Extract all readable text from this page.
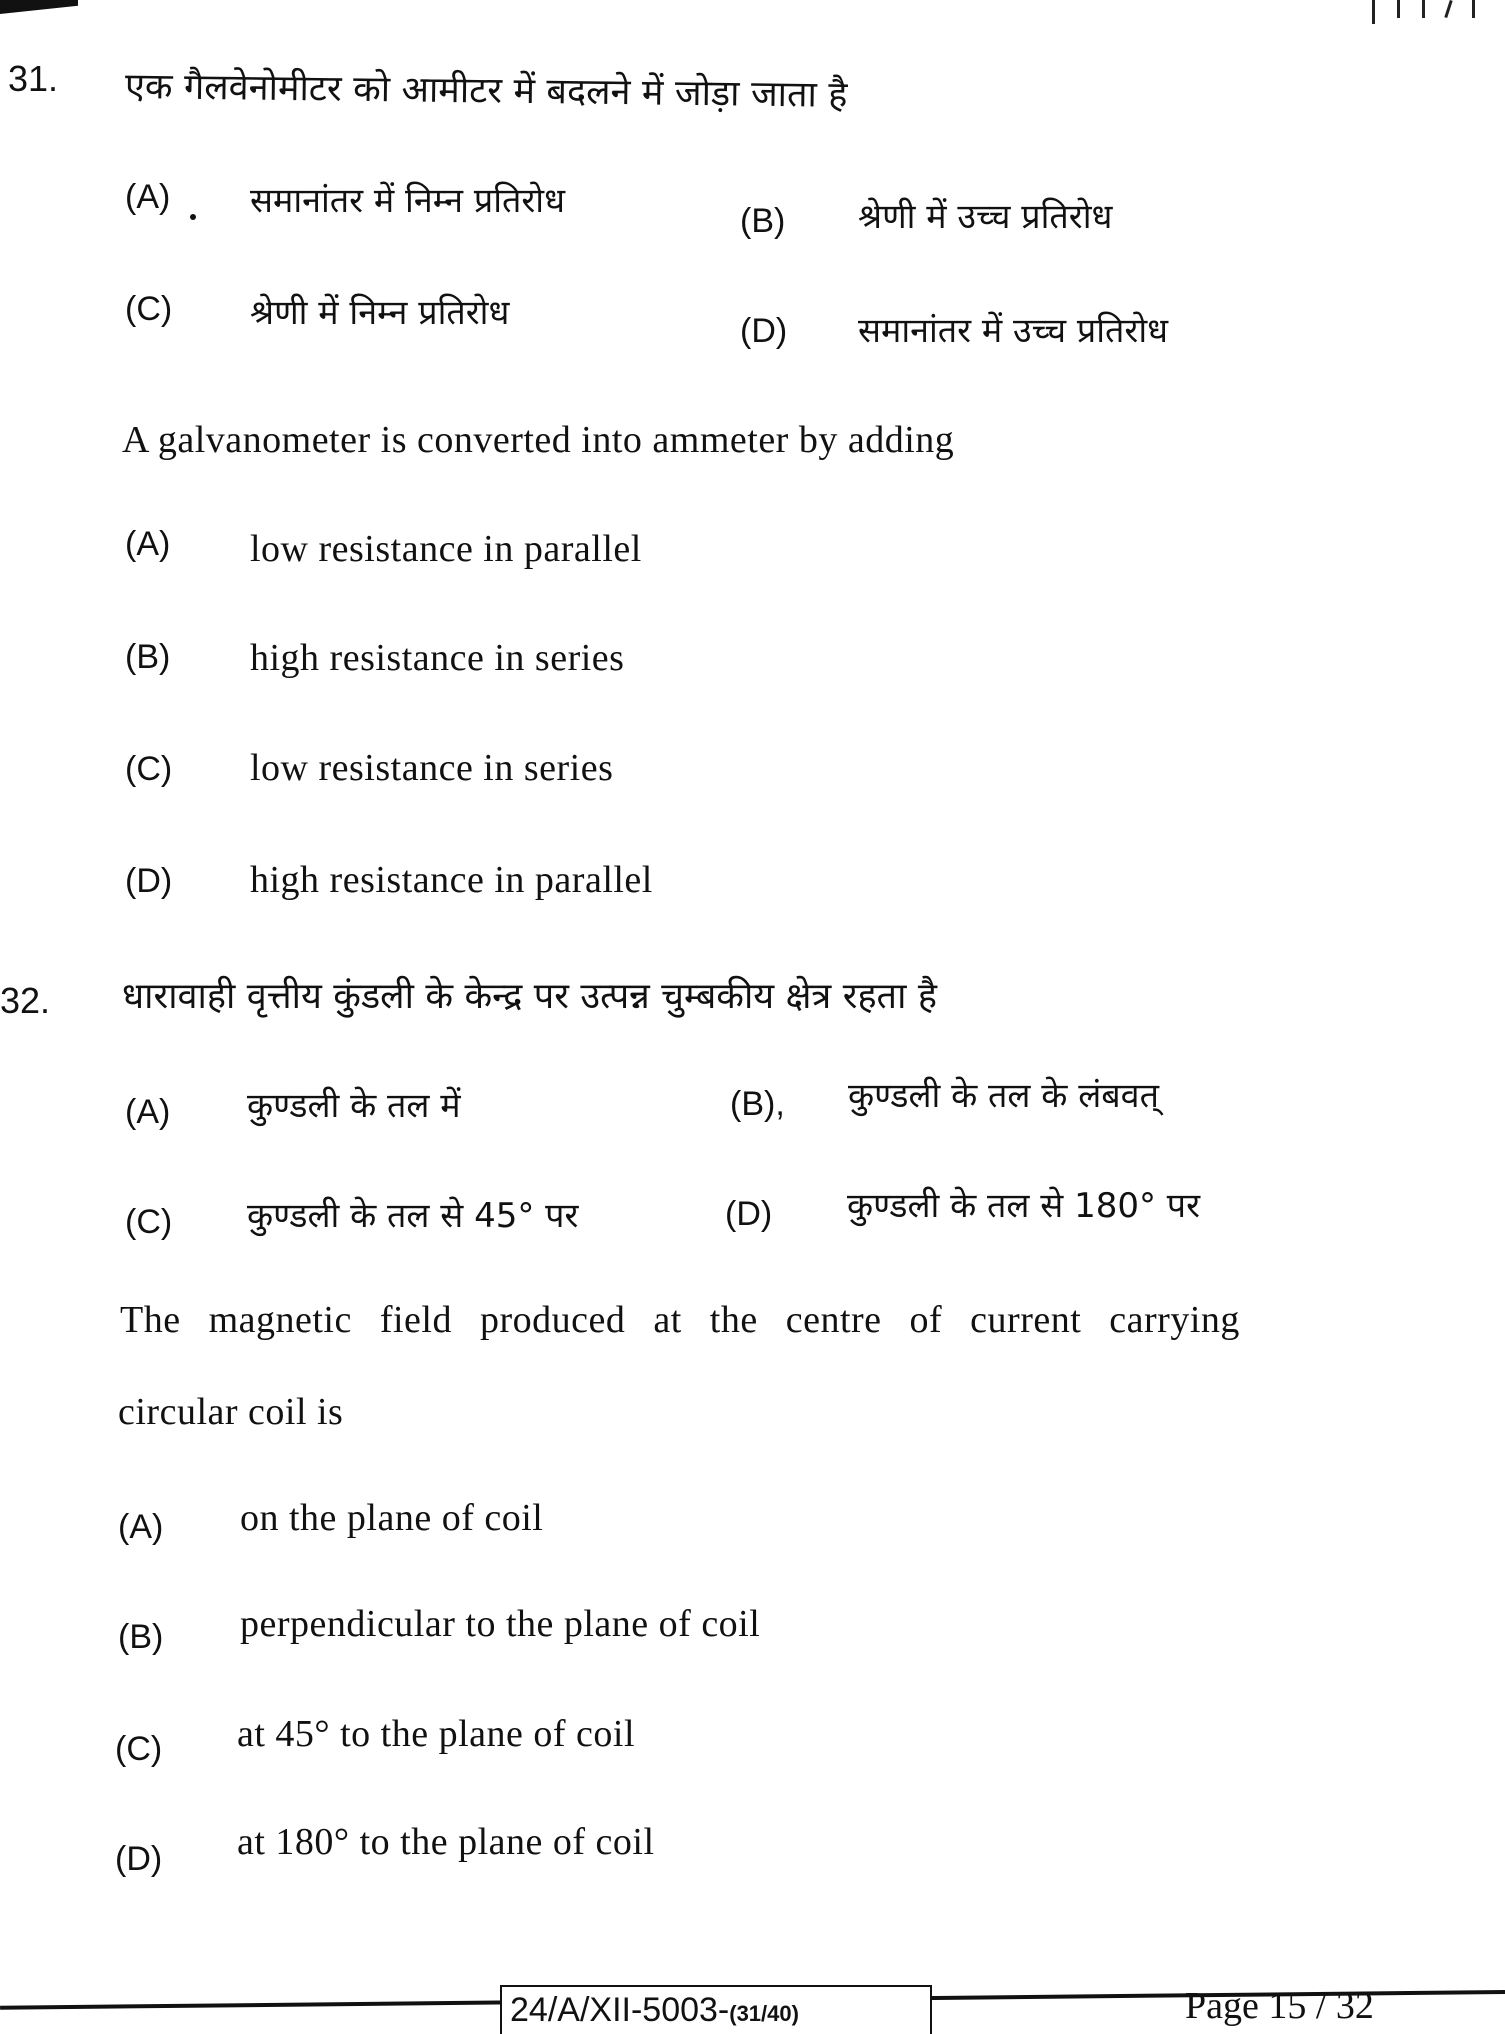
31. एक गैलवेनोमीटर को आमीटर में बदलने में जोड़ा जाता है
(A) समानांतर में निम्न प्रतिरोध	(B) श्रेणी में उच्च प्रतिरोध
(C) श्रेणी में निम्न प्रतिरोध	(D) समानांतर में उच्च प्रतिरोध
A galvanometer is converted into ammeter by adding
(A) low resistance in parallel
(B) high resistance in series
(C) low resistance in series
(D) high resistance in parallel
32. धारावाही वृत्तीय कुंडली के केन्द्र पर उत्पन्न चुम्बकीय क्षेत्र रहता है
(A) कुण्डली के तल में	(B), कुण्डली के तल के लंबवत्
(C) कुण्डली के तल से 45° पर	(D) कुण्डली के तल से 180° पर
The magnetic field produced at the centre of current carrying
circular coil is
(A) on the plane of coil
(B) perpendicular to the plane of coil
(C) at 45° to the plane of coil
(D) at 180° to the plane of coil
24/A/XII-5003-(31/40)	Page 15 / 32
